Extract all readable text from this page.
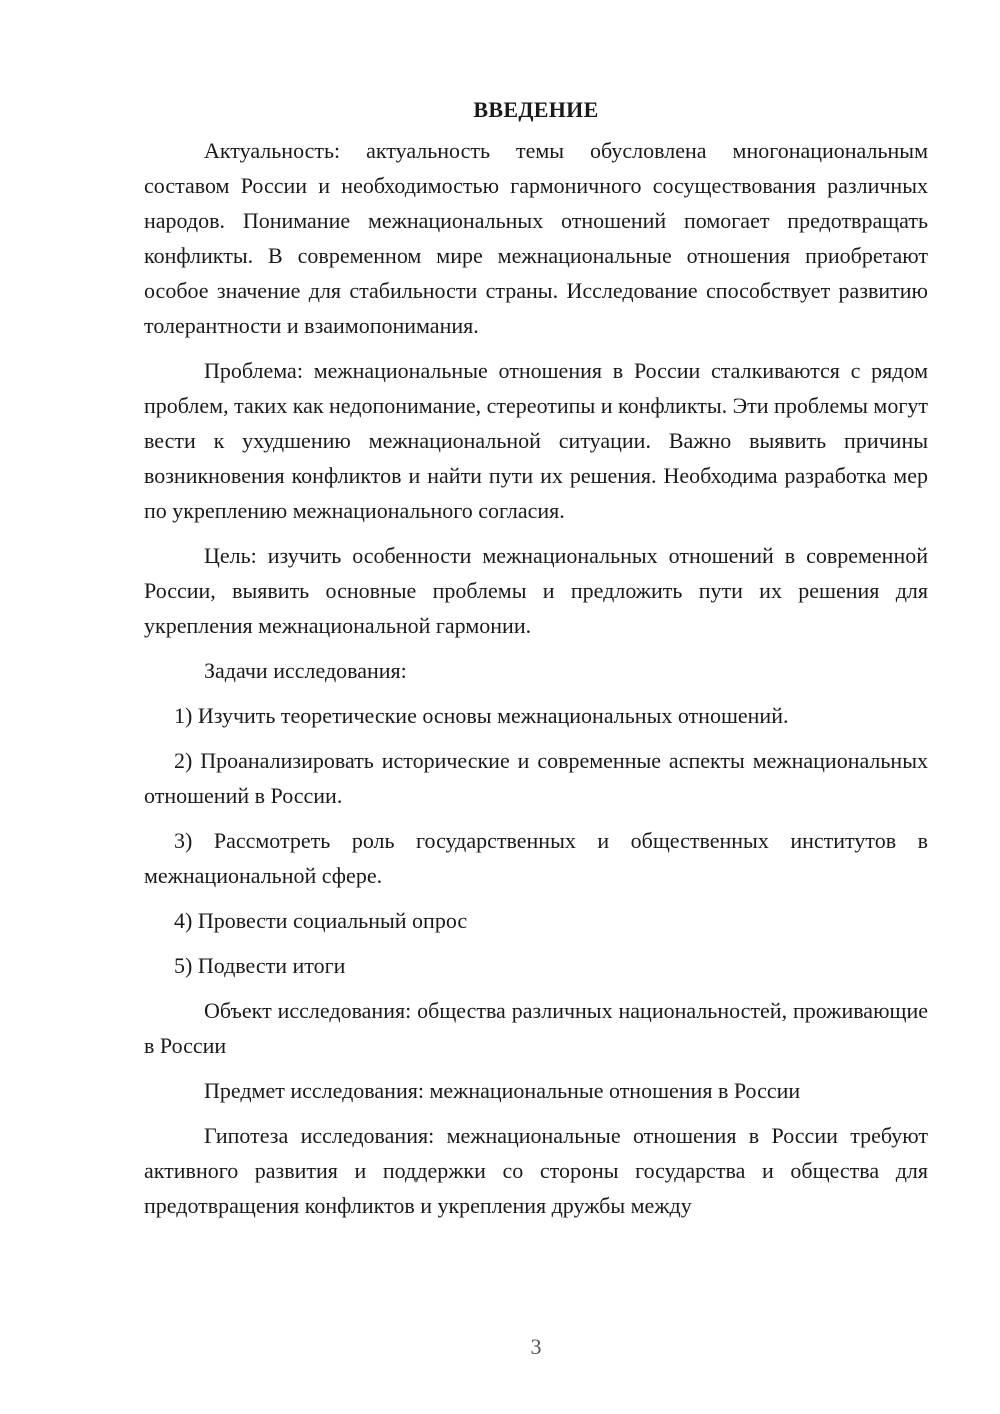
ВВЕДЕНИЕ

Актуальность: актуальность темы обусловлена многонациональным составом России и необходимостью гармоничного сосуществования различных народов. Понимание межнациональных отношений помогает предотвращать конфликты. В современном мире межнациональные отношения приобретают особое значение для стабильности страны. Исследование способствует развитию толерантности и взаимопонимания.

Проблема: межнациональные отношения в России сталкиваются с рядом проблем, таких как недопонимание, стереотипы и конфликты. Эти проблемы могут вести к ухудшению межнациональной ситуации. Важно выявить причины возникновения конфликтов и найти пути их решения. Необходима разработка мер по укреплению межнационального согласия.

Цель: изучить особенности межнациональных отношений в современной России, выявить основные проблемы и предложить пути их решения для укрепления межнациональной гармонии.

Задачи исследования:

1) Изучить теоретические основы межнациональных отношений.

2) Проанализировать исторические и современные аспекты межнациональных отношений в России.

3) Рассмотреть роль государственных и общественных институтов в межнациональной сфере.

4) Провести социальный опрос

5) Подвести итоги

Объект исследования: общества различных национальностей, проживающие в России

Предмет исследования: межнациональные отношения в России

Гипотеза исследования: межнациональные отношения в России требуют активного развития и поддержки со стороны государства и общества для предотвращения конфликтов и укрепления дружбы между

3
